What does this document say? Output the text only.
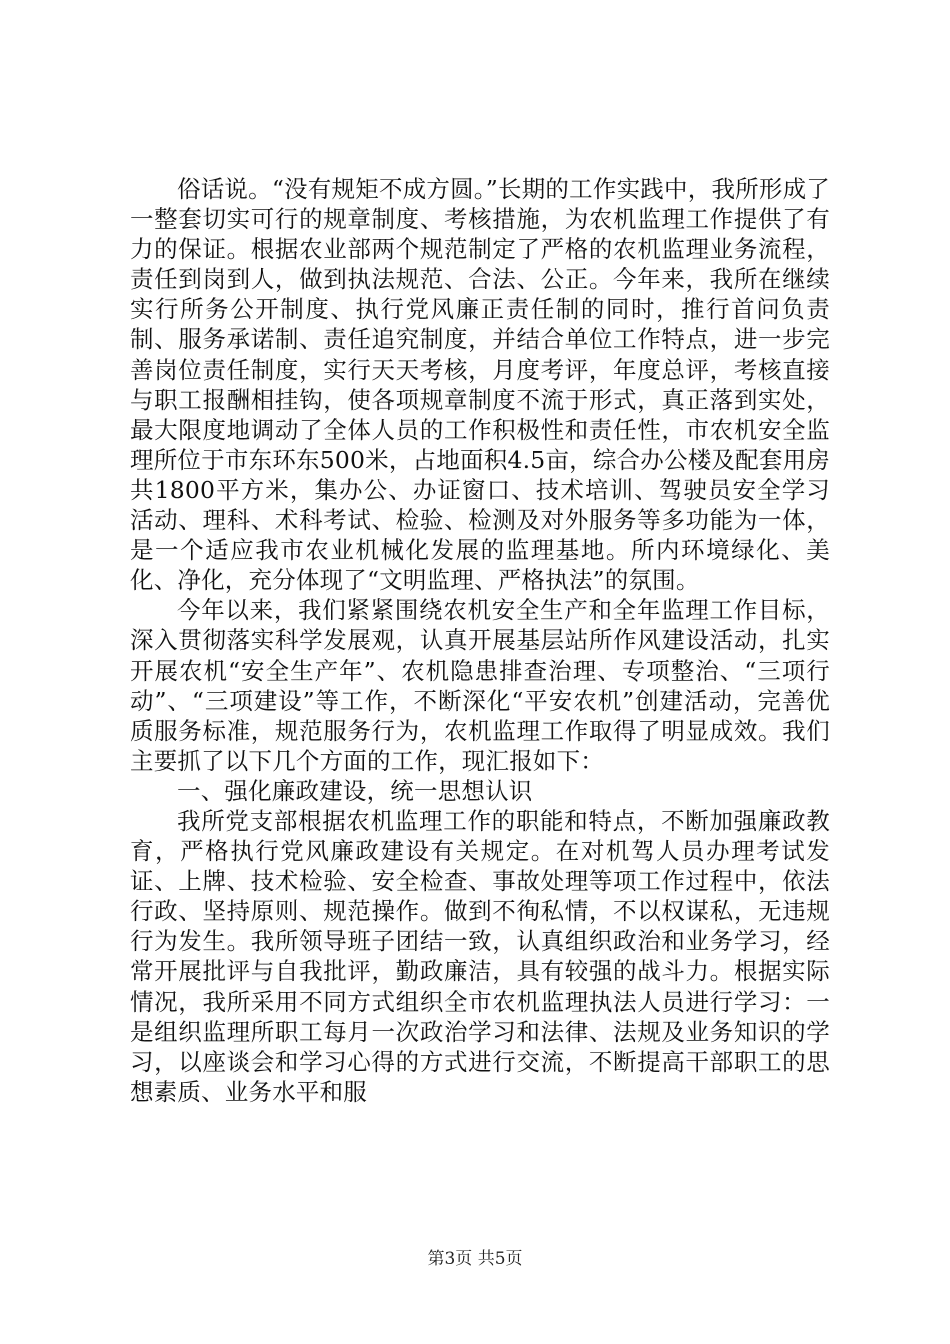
俗话说。“没有规矩不成方圆。”长期的工作实践中，我所形成了一整套切实可行的规章制度、考核措施，为农机监理工作提供了有力的保证。根据农业部两个规范制定了严格的农机监理业务流程，责任到岗到人，做到执法规范、合法、公正。今年来，我所在继续实行所务公开制度、执行党风廉正责任制的同时，推行首问负责制、服务承诺制、责任追究制度，并结合单位工作特点，进一步完善岗位责任制度，实行天天考核，月度考评，年度总评，考核直接与职工报酬相挂钩，使各项规章制度不流于形式，真正落到实处，最大限度地调动了全体人员的工作积极性和责任性，市农机安全监理所位于市东环东500米，占地面积4.5亩，综合办公楼及配套用房共1800平方米，集办公、办证窗口、技术培训、驾驶员安全学习活动、理科、术科考试、检验、检测及对外服务等多功能为一体，是一个适应我市农业机械化发展的监理基地。所内环境绿化、美化、净化，充分体现了“文明监理、严格执法”的氛围。

今年以来，我们紧紧围绕农机安全生产和全年监理工作目标，深入贯彻落实科学发展观，认真开展基层站所作风建设活动，扎实开展农机“安全生产年”、农机隐患排查治理、专项整治、“三项行动”、“三项建设”等工作，不断深化“平安农机”创建活动，完善优质服务标准，规范服务行为，农机监理工作取得了明显成效。我们主要抓了以下几个方面的工作，现汇报如下：

一、强化廉政建设，统一思想认识

我所党支部根据农机监理工作的职能和特点，不断加强廉政教育，严格执行党风廉政建设有关规定。在对机驾人员办理考试发证、上牌、技术检验、安全检查、事故处理等项工作过程中，依法行政、坚持原则、规范操作。做到不徇私情，不以权谋私，无违规行为发生。我所领导班子团结一致，认真组织政治和业务学习，经常开展批评与自我批评，勤政廉洁，具有较强的战斗力。根据实际情况，我所采用不同方式组织全市农机监理执法人员进行学习：一是组织监理所职工每月一次政治学习和法律、法规及业务知识的学习，以座谈会和学习心得的方式进行交流，不断提高干部职工的思想素质、业务水平和服

第3页 共5页
